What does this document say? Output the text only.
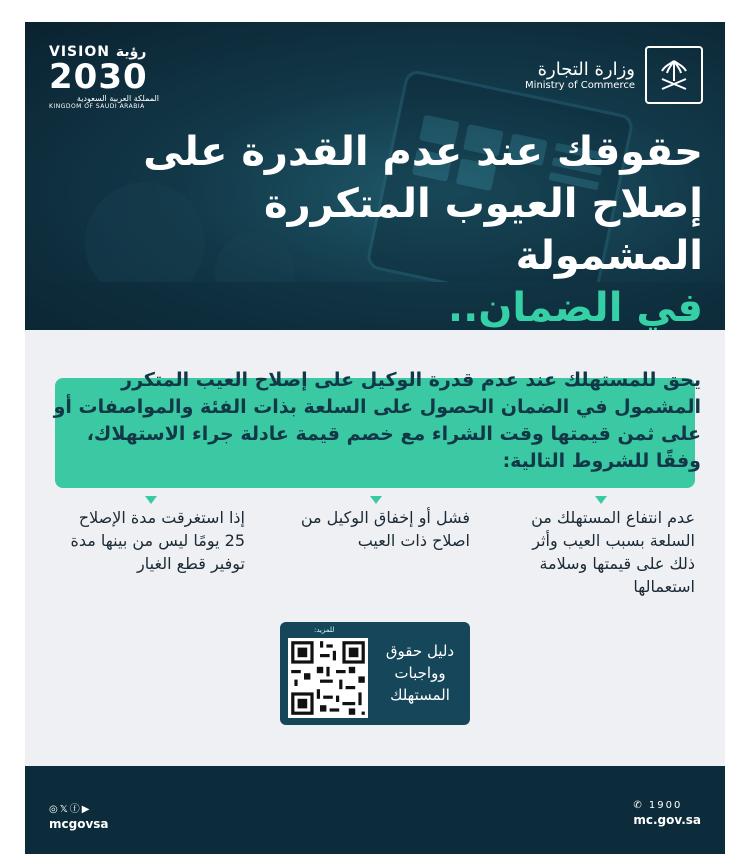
VISION رؤية
2030
المملكة العربية السعودية
KINGDOM OF SAUDI ARABIA
وزارة التجارة
Ministry of Commerce
حقوقك عند عدم القدرة على
إصلاح العيوب المتكررة المشمولة
في الضمان..
يحق للمستهلك عند عدم قدرة الوكيل على إصلاح العيب المتكرر المشمول في الضمان الحصول على السلعة بذات الفئة والمواصفات أو على ثمن قيمتها وقت الشراء مع خصم قيمة عادلة جراء الاستهلاك، وفقًا للشروط التالية:
عدم انتفاع المستهلك من السلعة بسبب العيب وأثر ذلك على قيمتها وسلامة استعمالها
فشل أو إخفاق الوكيل من اصلاح ذات العيب
إذا استغرقت مدة الإصلاح 25 يومًا ليس من بينها مدة توفير قطع الغيار
للمزيد:
دليل حقوق وواجبات المستهلك
◎𝕏ⓕ▶
mcgovsa
✆ 1900
mc.gov.sa
